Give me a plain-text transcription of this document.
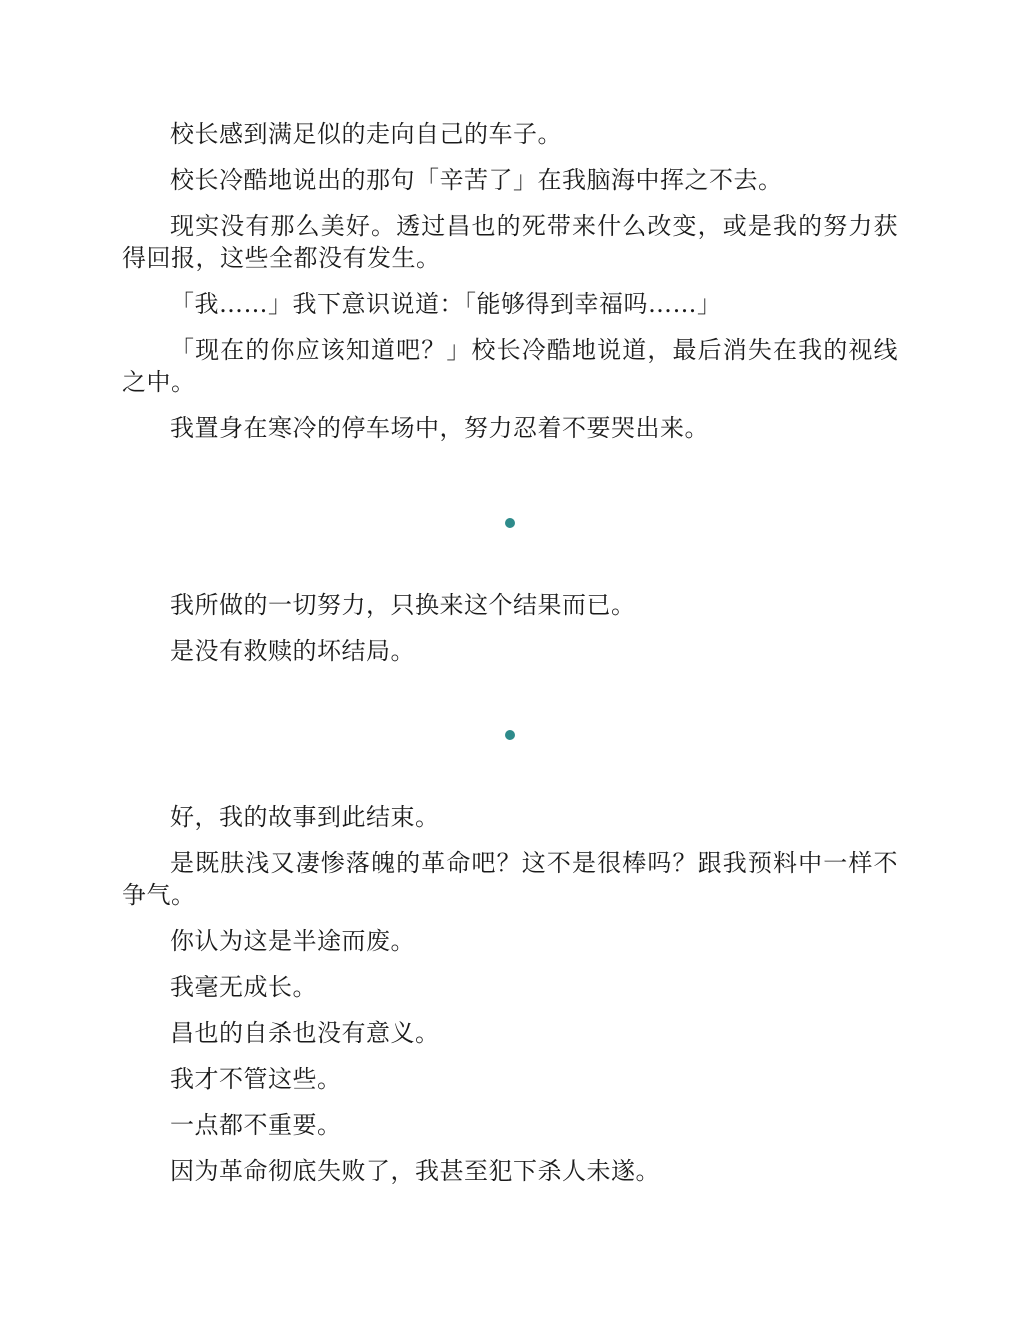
校长感到满足似的走向自己的车子。

校长冷酷地说出的那句「辛苦了」在我脑海中挥之不去。

现实没有那么美好。透过昌也的死带来什么改变，或是我的努力获得回报，这些全都没有发生。

「我……」我下意识说道：「能够得到幸福吗……」

「现在的你应该知道吧？」校长冷酷地说道，最后消失在我的视线之中。

我置身在寒冷的停车场中，努力忍着不要哭出来。

我所做的一切努力，只换来这个结果而已。

是没有救赎的坏结局。

好，我的故事到此结束。

是既肤浅又凄惨落魄的革命吧？这不是很棒吗？跟我预料中一样不争气。

你认为这是半途而废。

我毫无成长。

昌也的自杀也没有意义。

我才不管这些。

一点都不重要。

因为革命彻底失败了，我甚至犯下杀人未遂。
